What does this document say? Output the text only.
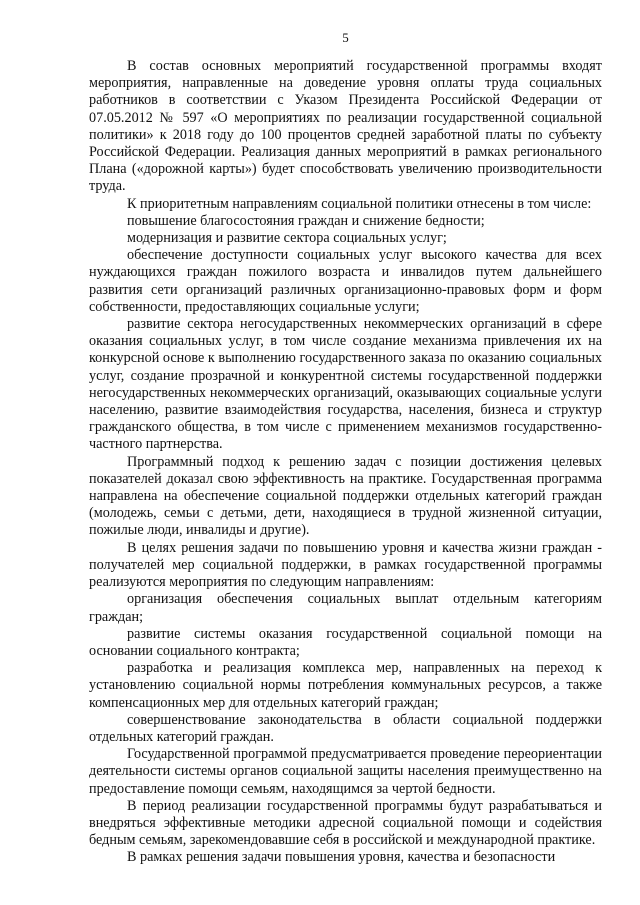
5

В состав основных мероприятий государственной программы входят мероприятия, направленные на доведение уровня оплаты труда социальных работников в соответствии с Указом Президента Российской Федерации от 07.05.2012 № 597 «О мероприятиях по реализации государственной социальной политики» к 2018 году до 100 процентов средней заработной платы по субъекту Российской Федерации. Реализация данных мероприятий в рамках регионального Плана («дорожной карты») будет способствовать увеличению производительности труда.

К приоритетным направлениям социальной политики отнесены в том числе:

повышение благосостояния граждан и снижение бедности;

модернизация и развитие сектора социальных услуг;

обеспечение доступности социальных услуг высокого качества для всех нуждающихся граждан пожилого возраста и инвалидов путем дальнейшего развития сети организаций различных организационно-правовых форм и форм собственности, предоставляющих социальные услуги;

развитие сектора негосударственных некоммерческих организаций в сфере оказания социальных услуг, в том числе создание механизма привлечения их на конкурсной основе к выполнению государственного заказа по оказанию социальных услуг, создание прозрачной и конкурентной системы государственной поддержки негосударственных некоммерческих организаций, оказывающих социальные услуги населению, развитие взаимодействия государства, населения, бизнеса и структур гражданского общества, в том числе с применением механизмов государственно-частного партнерства.

Программный подход к решению задач с позиции достижения целевых показателей доказал свою эффективность на практике. Государственная программа направлена на обеспечение социальной поддержки отдельных категорий граждан (молодежь, семьи с детьми, дети, находящиеся в трудной жизненной ситуации, пожилые люди, инвалиды и другие).

В целях решения задачи по повышению уровня и качества жизни граждан - получателей мер социальной поддержки, в рамках государственной программы реализуются мероприятия по следующим направлениям:

организация обеспечения социальных выплат отдельным категориям граждан;

развитие системы оказания государственной социальной помощи на основании социального контракта;

разработка и реализация комплекса мер, направленных на переход к установлению социальной нормы потребления коммунальных ресурсов, а также компенсационных мер для отдельных категорий граждан;

совершенствование законодательства в области социальной поддержки отдельных категорий граждан.

Государственной программой предусматривается проведение переориентации деятельности системы органов социальной защиты населения преимущественно на предоставление помощи семьям, находящимся за чертой бедности.

В период реализации государственной программы будут разрабатываться и внедряться эффективные методики адресной социальной помощи и содействия бедным семьям, зарекомендовавшие себя в российской и международной практике.

В рамках решения задачи повышения уровня, качества и безопасности
